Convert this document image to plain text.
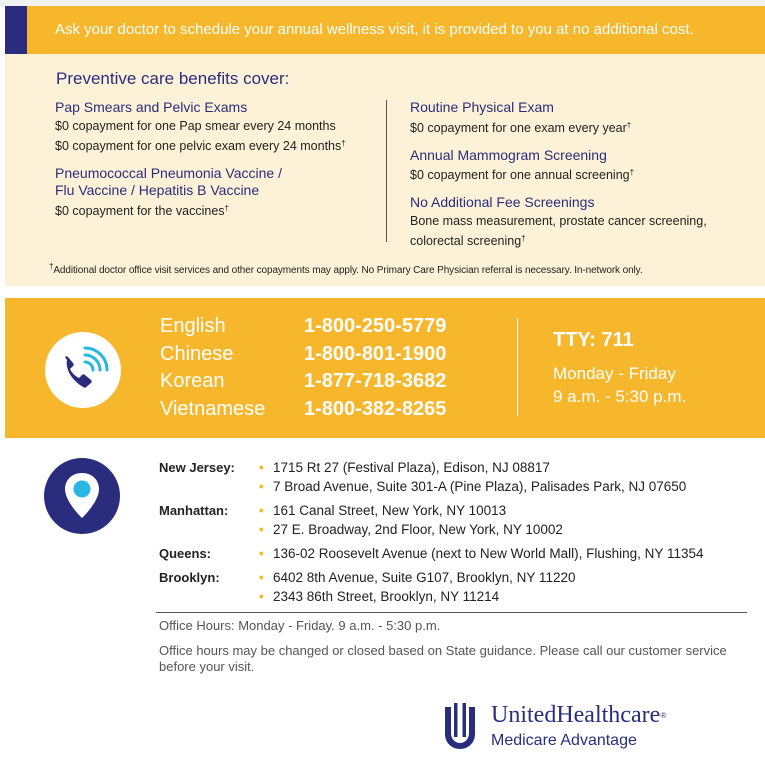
Ask your doctor to schedule your annual wellness visit, it is provided to you at no additional cost.
Preventive care benefits cover:
Pap Smears and Pelvic Exams
$0 copayment for one Pap smear every 24 months
$0 copayment for one pelvic exam every 24 months†
Pneumococcal Pneumonia Vaccine /
Flu Vaccine / Hepatitis B Vaccine
$0 copayment for the vaccines†
Routine Physical Exam
$0 copayment for one exam every year†
Annual Mammogram Screening
$0 copayment for one annual screening†
No Additional Fee Screenings
Bone mass measurement, prostate cancer screening,
colorectal screening†
†Additional doctor office visit services and other copayments may apply. No Primary Care Physician referral is necessary. In-network only.
English	1-800-250-5779
Chinese	1-800-801-1900
Korean	1-877-718-3682
Vietnamese 1-800-382-8265
TTY: 711
Monday - Friday
9 a.m. - 5:30 p.m.
New Jersey:	• 1715 Rt 27 (Festival Plaza), Edison, NJ 08817
• 7 Broad Avenue, Suite 301-A (Pine Plaza), Palisades Park, NJ 07650
Manhattan:	• 161 Canal Street, New York, NY 10013
• 27 E. Broadway, 2nd Floor, New York, NY 10002
Queens:	• 136-02 Roosevelt Avenue (next to New World Mall), Flushing, NY 11354
Brooklyn:	• 6402 8th Avenue, Suite G107, Brooklyn, NY 11220
• 2343 86th Street, Brooklyn, NY 11214
Office Hours: Monday - Friday. 9 a.m. - 5:30 p.m.
Office hours may be changed or closed based on State guidance. Please call our customer service before your visit.
UnitedHealthcare®
Medicare Advantage
